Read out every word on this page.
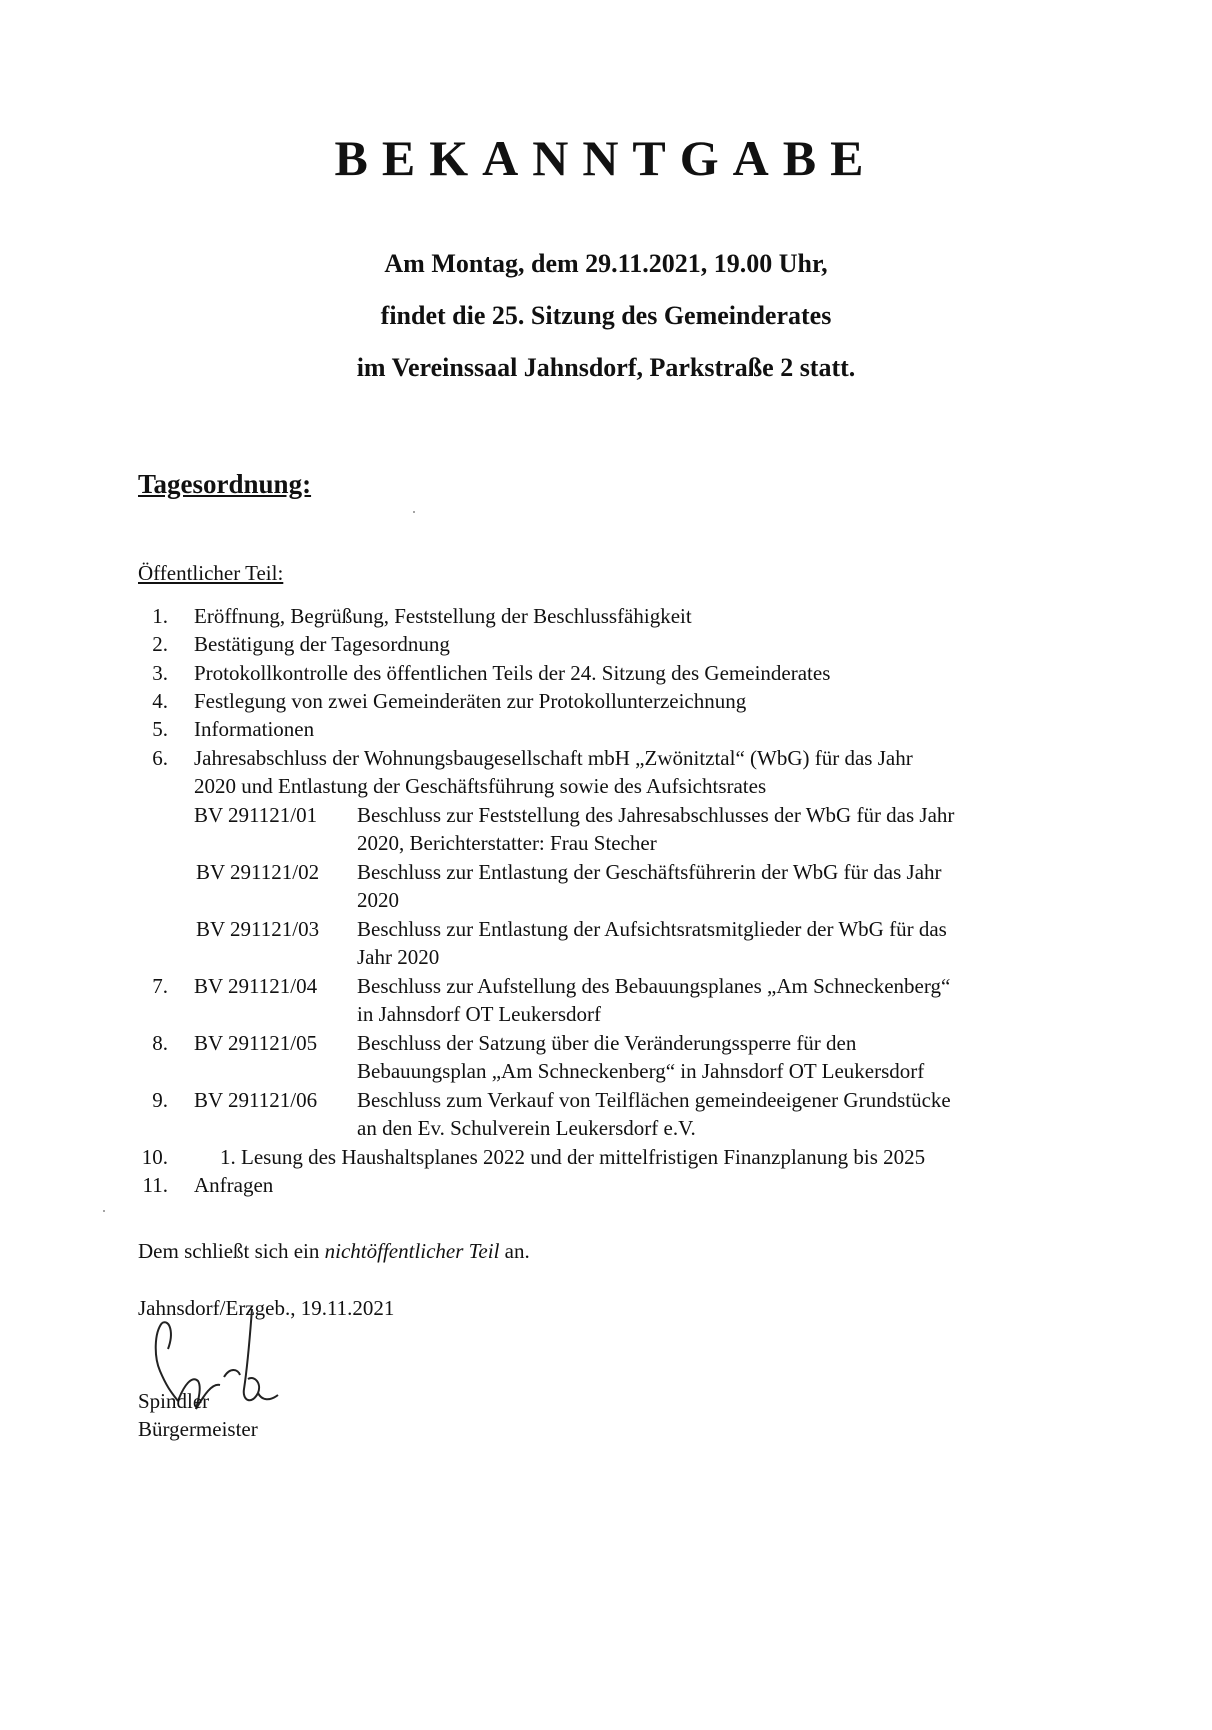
BEKANNTGABE
Am Montag, dem 29.11.2021, 19.00 Uhr,
findet die 25. Sitzung des Gemeinderates
im Vereinssaal Jahnsdorf, Parkstraße 2 statt.
Tagesordnung:
Öffentlicher Teil:
1. Eröffnung, Begrüßung, Feststellung der Beschlussfähigkeit
2. Bestätigung der Tagesordnung
3. Protokollkontrolle des öffentlichen Teils der 24. Sitzung des Gemeinderates
4. Festlegung von zwei Gemeinderäten zur Protokollunterzeichnung
5. Informationen
6. Jahresabschluss der Wohnungsbaugesellschaft mbH „Zwönitztal“ (WbG) für das Jahr
2020 und Entlastung der Geschäftsführung sowie des Aufsichtsrates
BV 291121/01 Beschluss zur Feststellung des Jahresabschlusses der WbG für das Jahr
2020, Berichterstatter: Frau Stecher
BV 291121/02 Beschluss zur Entlastung der Geschäftsführerin der WbG für das Jahr
2020
BV 291121/03 Beschluss zur Entlastung der Aufsichtsratsmitglieder der WbG für das
Jahr 2020
7. BV 291121/04 Beschluss zur Aufstellung des Bebauungsplanes „Am Schneckenberg“
in Jahnsdorf OT Leukersdorf
8. BV 291121/05 Beschluss der Satzung über die Veränderungssperre für den
Bebauungsplan „Am Schneckenberg“ in Jahnsdorf OT Leukersdorf
9. BV 291121/06 Beschluss zum Verkauf von Teilflächen gemeindeeigener Grundstücke
an den Ev. Schulverein Leukersdorf e.V.
10. 1. Lesung des Haushaltsplanes 2022 und der mittelfristigen Finanzplanung bis 2025
11. Anfragen
Dem schließt sich ein nichtöffentlicher Teil an.
Jahnsdorf/Erzgeb., 19.11.2021
Spindler
Bürgermeister
